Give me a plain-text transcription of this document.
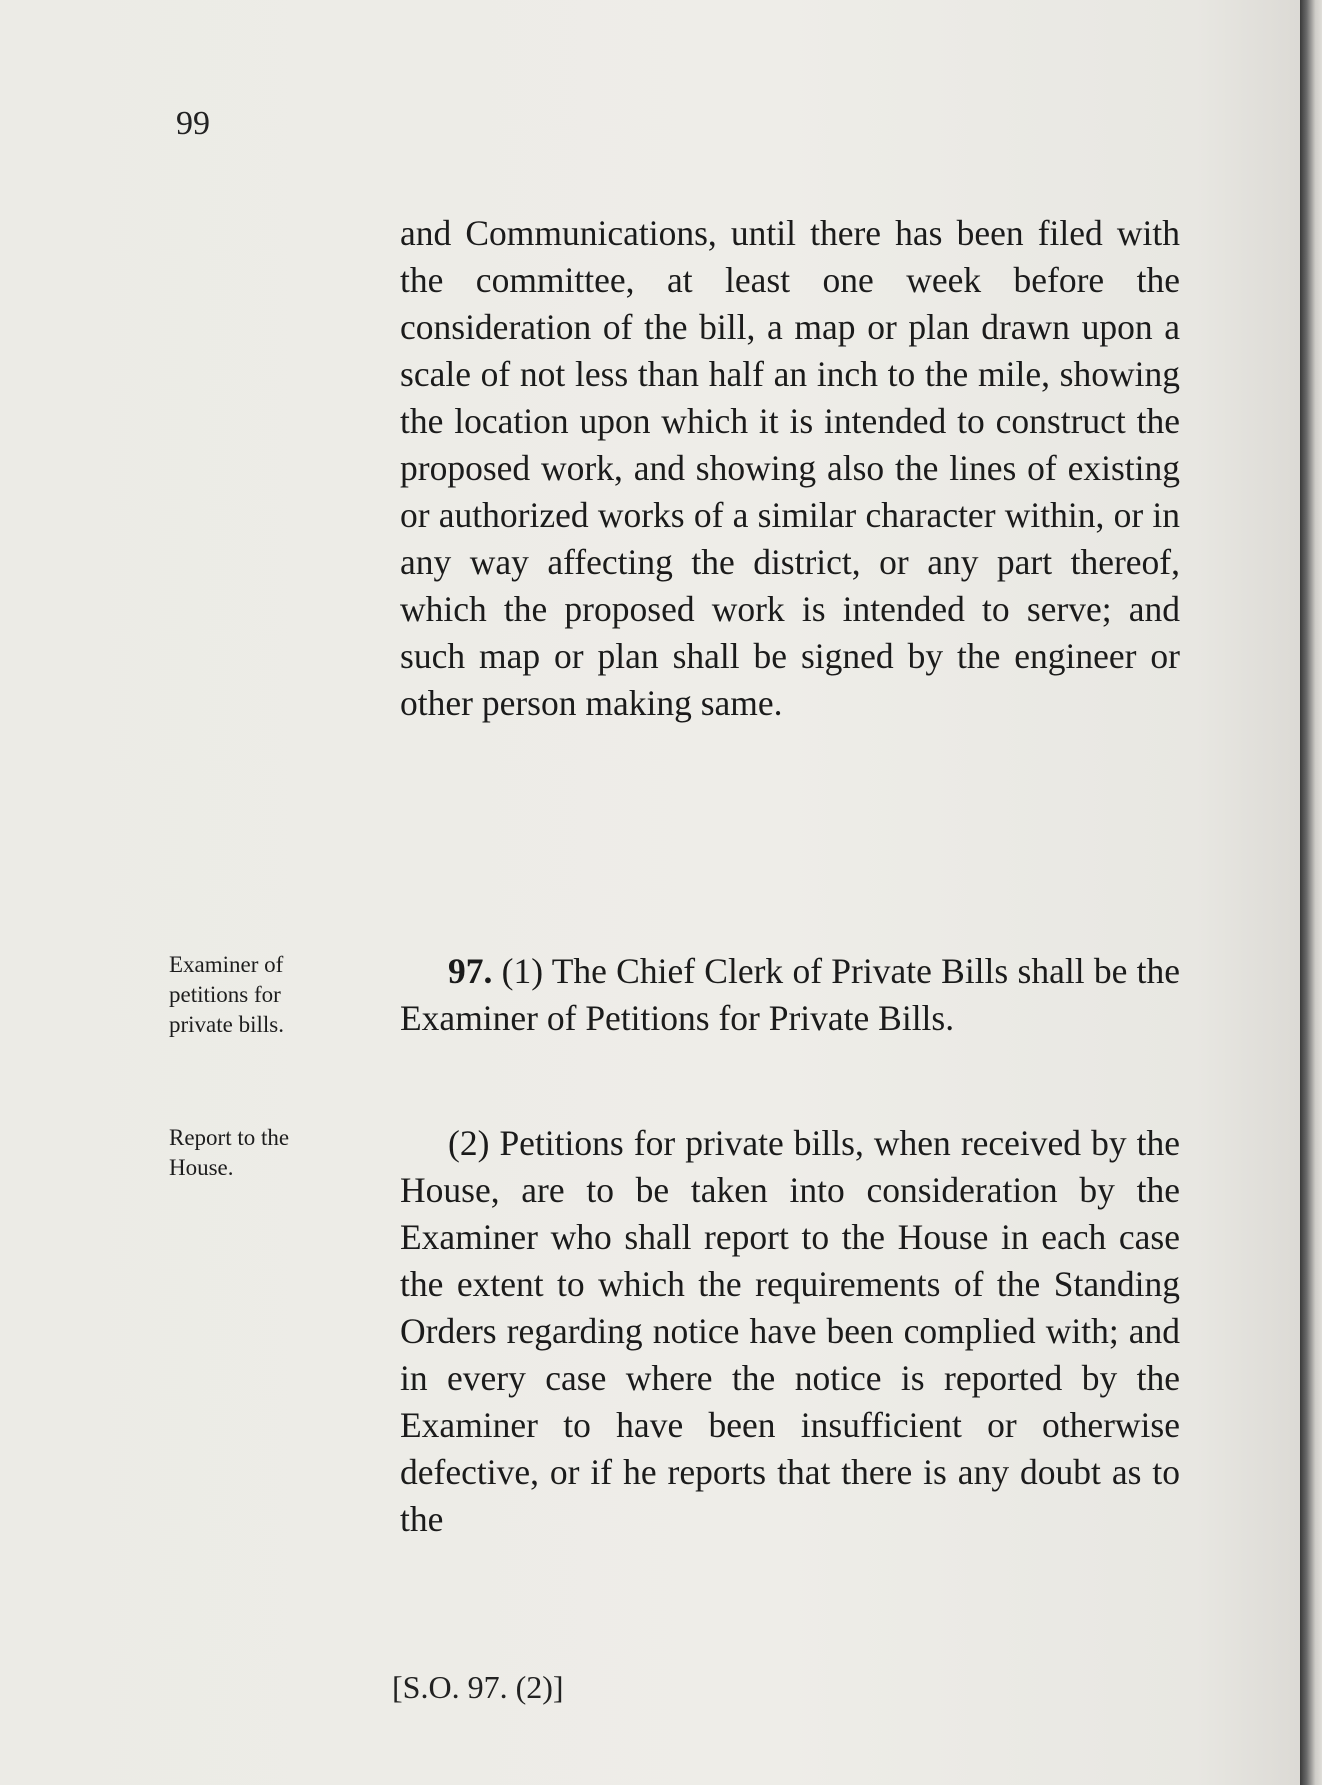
99
and Communications, until there has been filed with the committee, at least one week before the consideration of the bill, a map or plan drawn upon a scale of not less than half an inch to the mile, showing the location upon which it is intended to construct the proposed work, and showing also the lines of existing or authorized works of a similar character within, or in any way affecting the district, or any part thereof, which the proposed work is intended to serve; and such map or plan shall be signed by the engineer or other person making same.
Examiner of petitions for private bills.
97. (1) The Chief Clerk of Private Bills shall be the Examiner of Petitions for Private Bills.
Report to the House.
(2) Petitions for private bills, when received by the House, are to be taken into consideration by the Examiner who shall report to the House in each case the extent to which the requirements of the Standing Orders regarding notice have been complied with; and in every case where the notice is reported by the Examiner to have been insufficient or otherwise defective, or if he reports that there is any doubt as to the
[S.O. 97. (2)]
